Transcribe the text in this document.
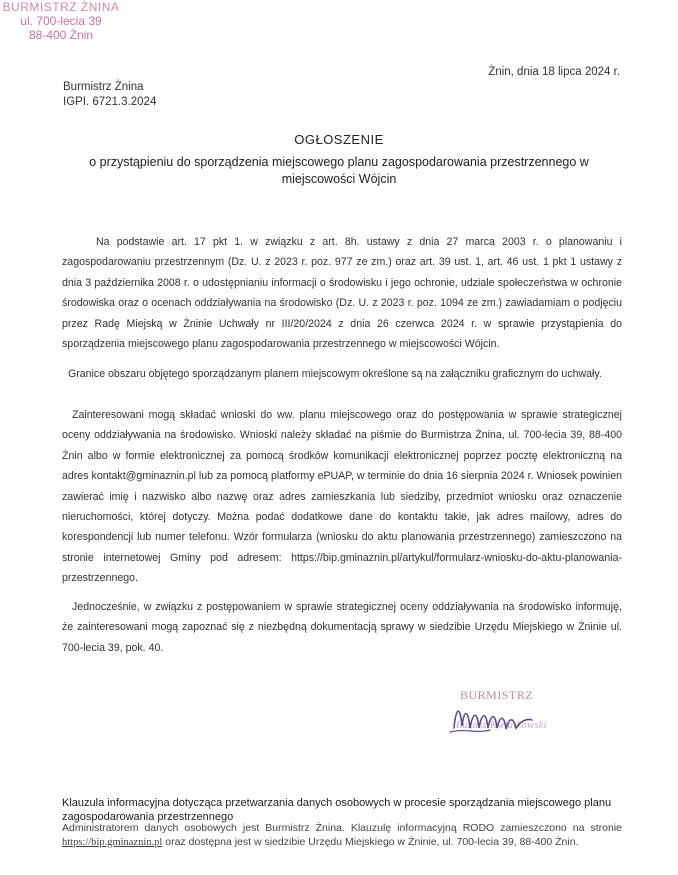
BURMISTRZ ŻNINA
ul. 700-lecia 39
88-400 Żnin
Żnin, dnia 18 lipca 2024 r.
Burmistrz Żnina
IGPI. 6721.3.2024
OGŁOSZENIE
o przystąpieniu do sporządzenia miejscowego planu zagospodarowania przestrzennego w miejscowości Wójcin
Na podstawie art. 17 pkt 1. w związku z art. 8h. ustawy z dnia 27 marca 2003 r. o planowaniu i zagospodarowaniu przestrzennym (Dz. U. z 2023 r. poz. 977 ze zm.) oraz art. 39 ust. 1, art. 46 ust. 1 pkt 1 ustawy z dnia 3 października 2008 r. o udostępnianiu informacji o środowisku i jego ochronie, udziale społeczeństwa w ochronie środowiska oraz o ocenach oddziaływania na środowisko (Dz. U. z 2023 r. poz. 1094 ze zm.) zawiadamiam o podjęciu przez Radę Miejską w Żninie Uchwały nr III/20/2024 z dnia 26 czerwca 2024 r. w sprawie przystąpienia do sporządzenia miejscowego planu zagospodarowania przestrzennego w miejscowości Wójcin.
Granice obszaru objętego sporządzanym planem miejscowym określone są na załączniku graficznym do uchwały.
Zainteresowani mogą składać wnioski do ww. planu miejscowego oraz do postępowania w sprawie strategicznej oceny oddziaływania na środowisko. Wnioski należy składać na piśmie do Burmistrza Żnina, ul. 700-lecia 39, 88-400 Żnin albo w formie elektronicznej za pomocą środków komunikacji elektronicznej poprzez pocztę elektroniczną na adres kontakt@gminaznin.pl lub za pomocą platformy ePUAP, w terminie do dnia 16 sierpnia 2024 r. Wniosek powinien zawierać imię i nazwisko albo nazwę oraz adres zamieszkania lub siedziby, przedmiot wniosku oraz oznaczenie nieruchomości, której dotyczy. Można podać dodatkowe dane do kontaktu takie, jak adres mailowy, adres do korespondencji lub numer telefonu. Wzór formularza (wniosku do aktu planowania przestrzennego) zamieszczono na stronie internetowej Gminy pod adresem: https://bip.gminaznin.pl/artykul/formularz-wniosku-do-aktu-planowania-przestrzennego.
Jednocześnie, w związku z postępowaniem w sprawie strategicznej oceny oddziaływania na środowisko informuję, że zainteresowani mogą zapoznać się z niezbędną dokumentacją sprawy w siedzibie Urzędu Miejskiego w Żninie ul. 700-lecia 39, pok. 40.
BURMISTRZ
Łukasz Kwiatkowski
Klauzula informacyjna dotycząca przetwarzania danych osobowych w procesie sporządzania miejscowego planu zagospodarowania przestrzennego
Administratorem danych osobowych jest Burmistrz Żnina. Klauzulę informacyjną RODO zamieszczono na stronie https://bip.gminaznin.pl oraz dostępna jest w siedzibie Urzędu Miejskiego w Żninie, ul. 700-lecia 39, 88-400 Żnin.
